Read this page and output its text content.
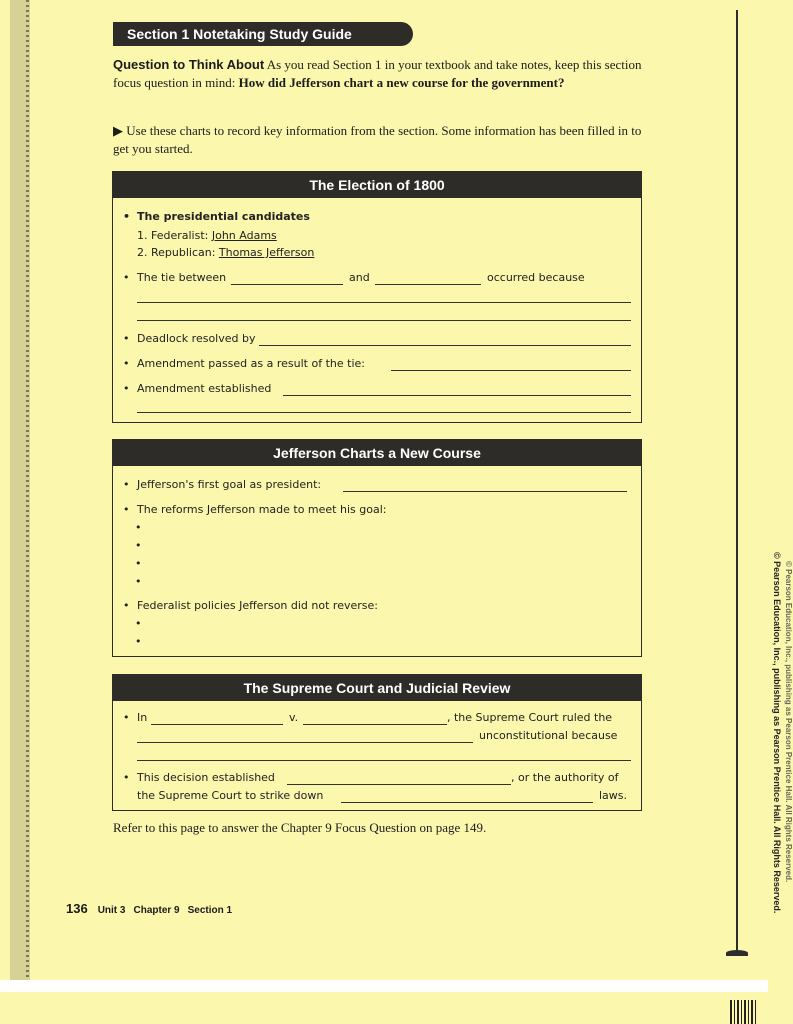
© Pearson Education, Inc., publishing as Pearson Prentice Hall. All Rights Reserved. © Pearson Education, Inc., publishing as Pearson Prentice Hall. All Rights Reserved.
Section 1 Notetaking Study Guide
Question to Think About As you read Section 1 in your textbook and take notes, keep this section focus question in mind: How did Jefferson chart a new course for the government?
▶ Use these charts to record key information from the section. Some information has been filled in to get you started.
The Election of 1800
• The presidential candidates
1. Federalist: John Adams
2. Republican: Thomas Jefferson
• The tie between	and	occurred because
• Deadlock resolved by
• Amendment passed as a result of the tie:
• Amendment established
Jefferson Charts a New Course
• Jefferson's first goal as president:
• The reforms Jefferson made to meet his goal:
•
•
•
•
• Federalist policies Jefferson did not reverse:
•
•
The Supreme Court and Judicial Review
• In	v.	, the Supreme Court ruled the
unconstitutional because
• This decision established	, or the authority of
the Supreme Court to strike down	laws.
Refer to this page to answer the Chapter 9 Focus Question on page 149.
136 Unit 3 Chapter 9 Section 1
